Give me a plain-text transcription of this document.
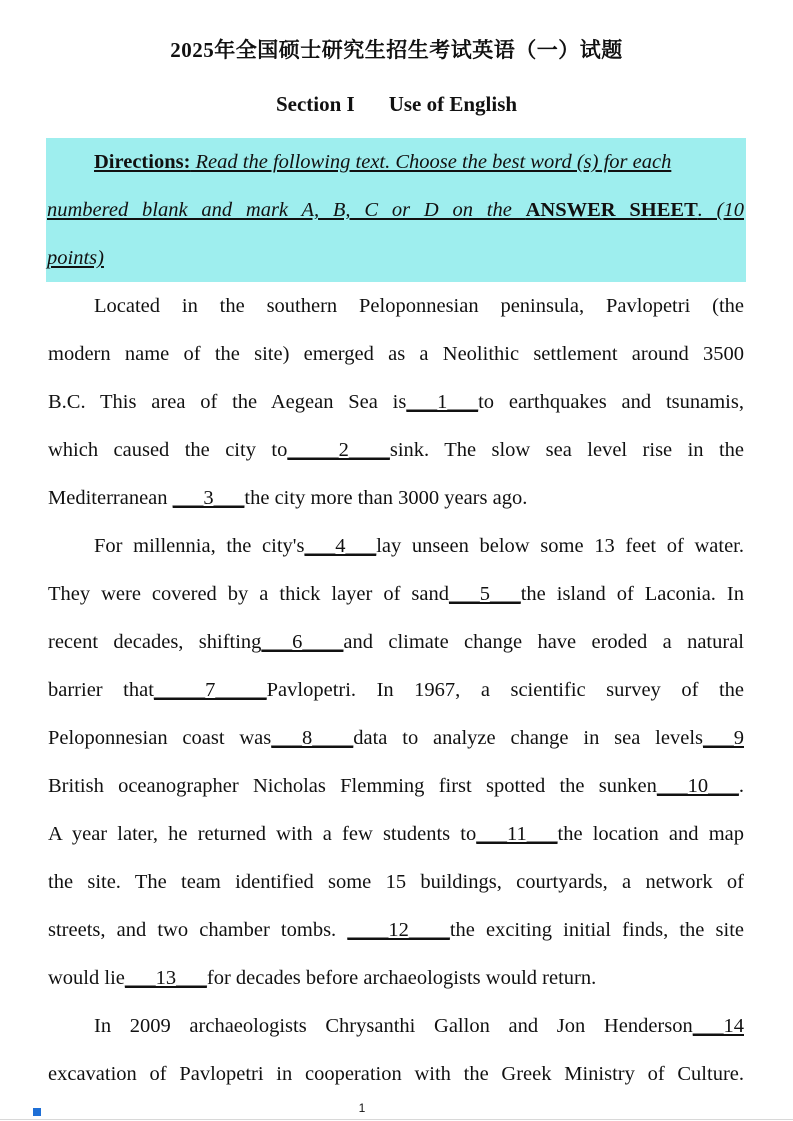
2025年全国硕士研究生招生考试英语（一）试题
Section I Use of English
Directions: Read the following text. Choose the best word (s) for each
numbered blank and mark A, B, C or D on the ANSWER SHEET. (10
points)
Located in the southern Peloponnesian peninsula, Pavlopetri (the
modern name of the site) emerged as a Neolithic settlement around 3500
B.C. This area of the Aegean Sea is___1___to earthquakes and tsunamis,
which caused the city to_____2____sink. The slow sea level rise in the
Mediterranean ___3___the city more than 3000 years ago.
For millennia, the city's___4___lay unseen below some 13 feet of water.
They were covered by a thick layer of sand___5___the island of Laconia. In
recent decades, shifting___6____and climate change have eroded a natural
barrier that_____7_____Pavlopetri. In 1967, a scientific survey of the
Peloponnesian coast was___8____data to analyze change in sea levels___9
British oceanographer Nicholas Flemming first spotted the sunken___10___.
A year later, he returned with a few students to___11___the location and map
the site. The team identified some 15 buildings, courtyards, a network of
streets, and two chamber tombs. ____12____the exciting initial finds, the site
would lie___13___for decades before archaeologists would return.
In 2009 archaeologists Chrysanthi Gallon and Jon Henderson___14
excavation of Pavlopetri in cooperation with the Greek Ministry of Culture.
1
